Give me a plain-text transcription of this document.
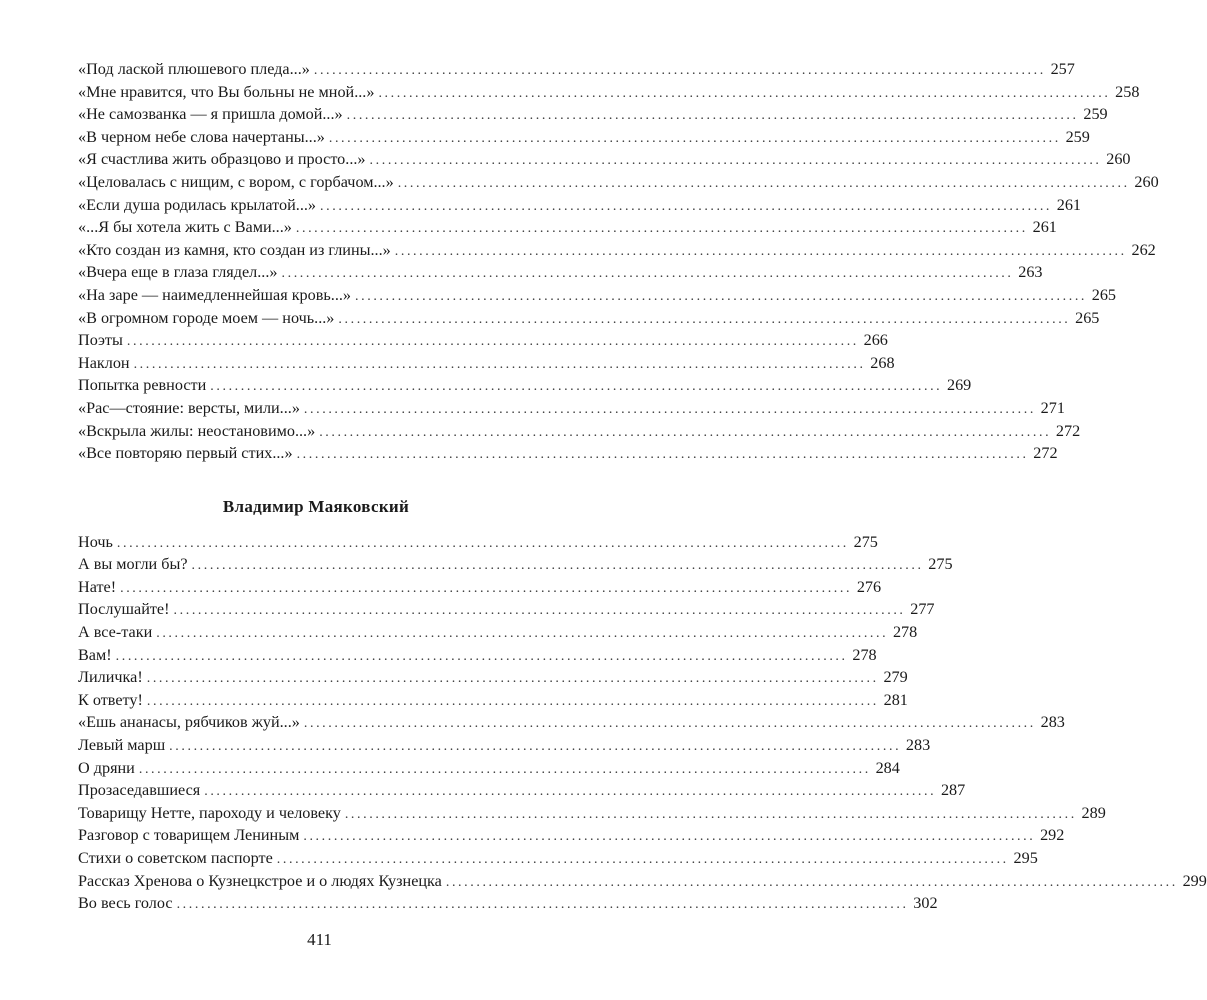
«Под лаской плюшевого пледа...» ........................................................................................................................ 257
«Мне нравится, что Вы больны не мной...» ........................................................................................................................ 258
«Не самозванка — я пришла домой...» ........................................................................................................................ 259
«В черном небе слова начертаны...» ........................................................................................................................ 259
«Я счастлива жить образцово и просто...» ........................................................................................................................ 260
«Целовалась с нищим, с вором, с горбачом...» ........................................................................................................................ 260
«Если душа родилась крылатой...» ........................................................................................................................ 261
«...Я бы хотела жить с Вами...» ........................................................................................................................ 261
«Кто создан из камня, кто создан из глины...» ........................................................................................................................ 262
«Вчера еще в глаза глядел...» ........................................................................................................................ 263
«На заре — наимедленнейшая кровь...» ........................................................................................................................ 265
«В огромном городе моем — ночь...» ........................................................................................................................ 265
Поэты ........................................................................................................................ 266
Наклон ........................................................................................................................ 268
Попытка ревности ........................................................................................................................ 269
«Рас—стояние: версты, мили...» ........................................................................................................................ 271
«Вскрыла жилы: неостановимо...» ........................................................................................................................ 272
«Все повторяю первый стих...» ........................................................................................................................ 272
Владимир Маяковский
Ночь ........................................................................................................................ 275
А вы могли бы? ........................................................................................................................ 275
Нате! ........................................................................................................................ 276
Послушайте! ........................................................................................................................ 277
А все-таки ........................................................................................................................ 278
Вам! ........................................................................................................................ 278
Лиличка! ........................................................................................................................ 279
К ответу! ........................................................................................................................ 281
«Ешь ананасы, рябчиков жуй...» ........................................................................................................................ 283
Левый марш ........................................................................................................................ 283
О дряни ........................................................................................................................ 284
Прозаседавшиеся ........................................................................................................................ 287
Товарищу Нетте, пароходу и человеку ........................................................................................................................ 289
Разговор с товарищем Лениным ........................................................................................................................ 292
Стихи о советском паспорте ........................................................................................................................ 295
Рассказ Хренова о Кузнецкстрое и о людях Кузнецка ........................................................................................................................ 299
Во весь голос ........................................................................................................................ 302
411
